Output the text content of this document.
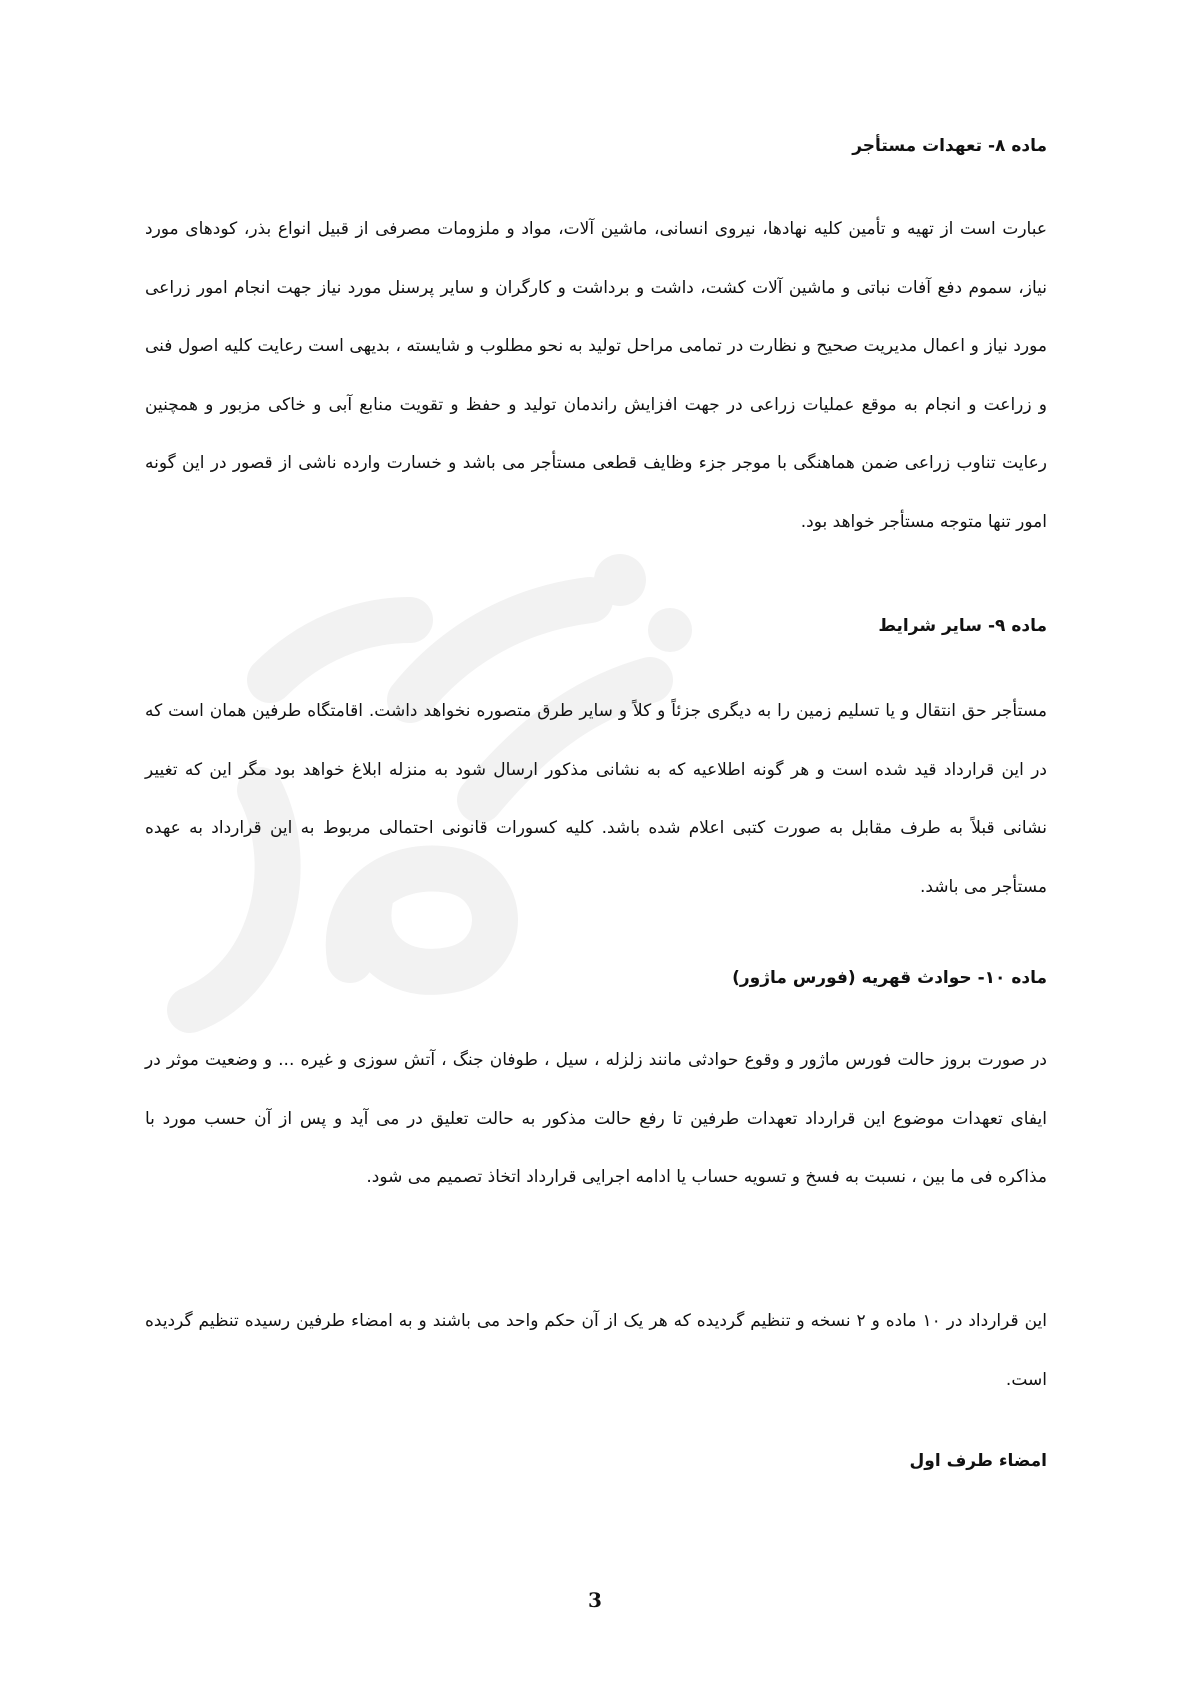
ماده ۸- تعهدات مستأجر

عبارت است از تهیه و تأمین کلیه نهادها، نیروی انسانی، ماشین آلات، مواد و ملزومات مصرفی از قبیل انواع بذر، کودهای مورد نیاز، سموم دفع آفات نباتی و ماشین آلات کشت، داشت و برداشت و کارگران و سایر پرسنل مورد نیاز جهت انجام امور زراعی مورد نیاز و اعمال مدیریت صحیح و نظارت در تمامی مراحل تولید به نحو مطلوب و شایسته ، بدیهی است رعایت کلیه اصول فنی و زراعت و انجام به موقع عملیات زراعی در جهت افزایش راندمان تولید و حفظ و تقویت منابع آبی و خاکی مزبور و همچنین رعایت تناوب زراعی ضمن هماهنگی با موجر جزء وظایف قطعی مستأجر می باشد و خسارت وارده ناشی از قصور در این گونه امور تنها متوجه مستأجر خواهد بود.

ماده ۹- سایر شرایط

مستأجر حق انتقال و یا تسلیم زمین را به دیگری جزئاً و کلاً و سایر طرق متصوره نخواهد داشت. اقامتگاه طرفین همان است که در این قرارداد قید شده است و هر گونه اطلاعیه که به نشانی مذکور ارسال شود به منزله ابلاغ خواهد بود مگر این که تغییر نشانی قبلاً به طرف مقابل به صورت کتبی اعلام شده باشد. کلیه کسورات قانونی احتمالی مربوط به این قرارداد به عهده مستأجر می باشد.

ماده ۱۰- حوادث قهریه (فورس ماژور)

در صورت بروز حالت فورس ماژور و وقوع حوادثی مانند زلزله ، سیل ، طوفان جنگ ، آتش سوزی و غیره ... و وضعیت موثر در ایفای تعهدات موضوع این قرارداد تعهدات طرفین تا رفع حالت مذکور به حالت تعلیق در می آید و پس از آن حسب مورد با مذاکره فی ما بین ، نسبت به فسخ و تسویه حساب یا ادامه اجرایی قرارداد اتخاذ تصمیم می شود.

این قرارداد در ۱۰ ماده و ۲ نسخه و تنظیم گردیده که هر یک از آن حکم واحد می باشند و به امضاء طرفین رسیده تنظیم گردیده است.

امضاء طرف اول
3
